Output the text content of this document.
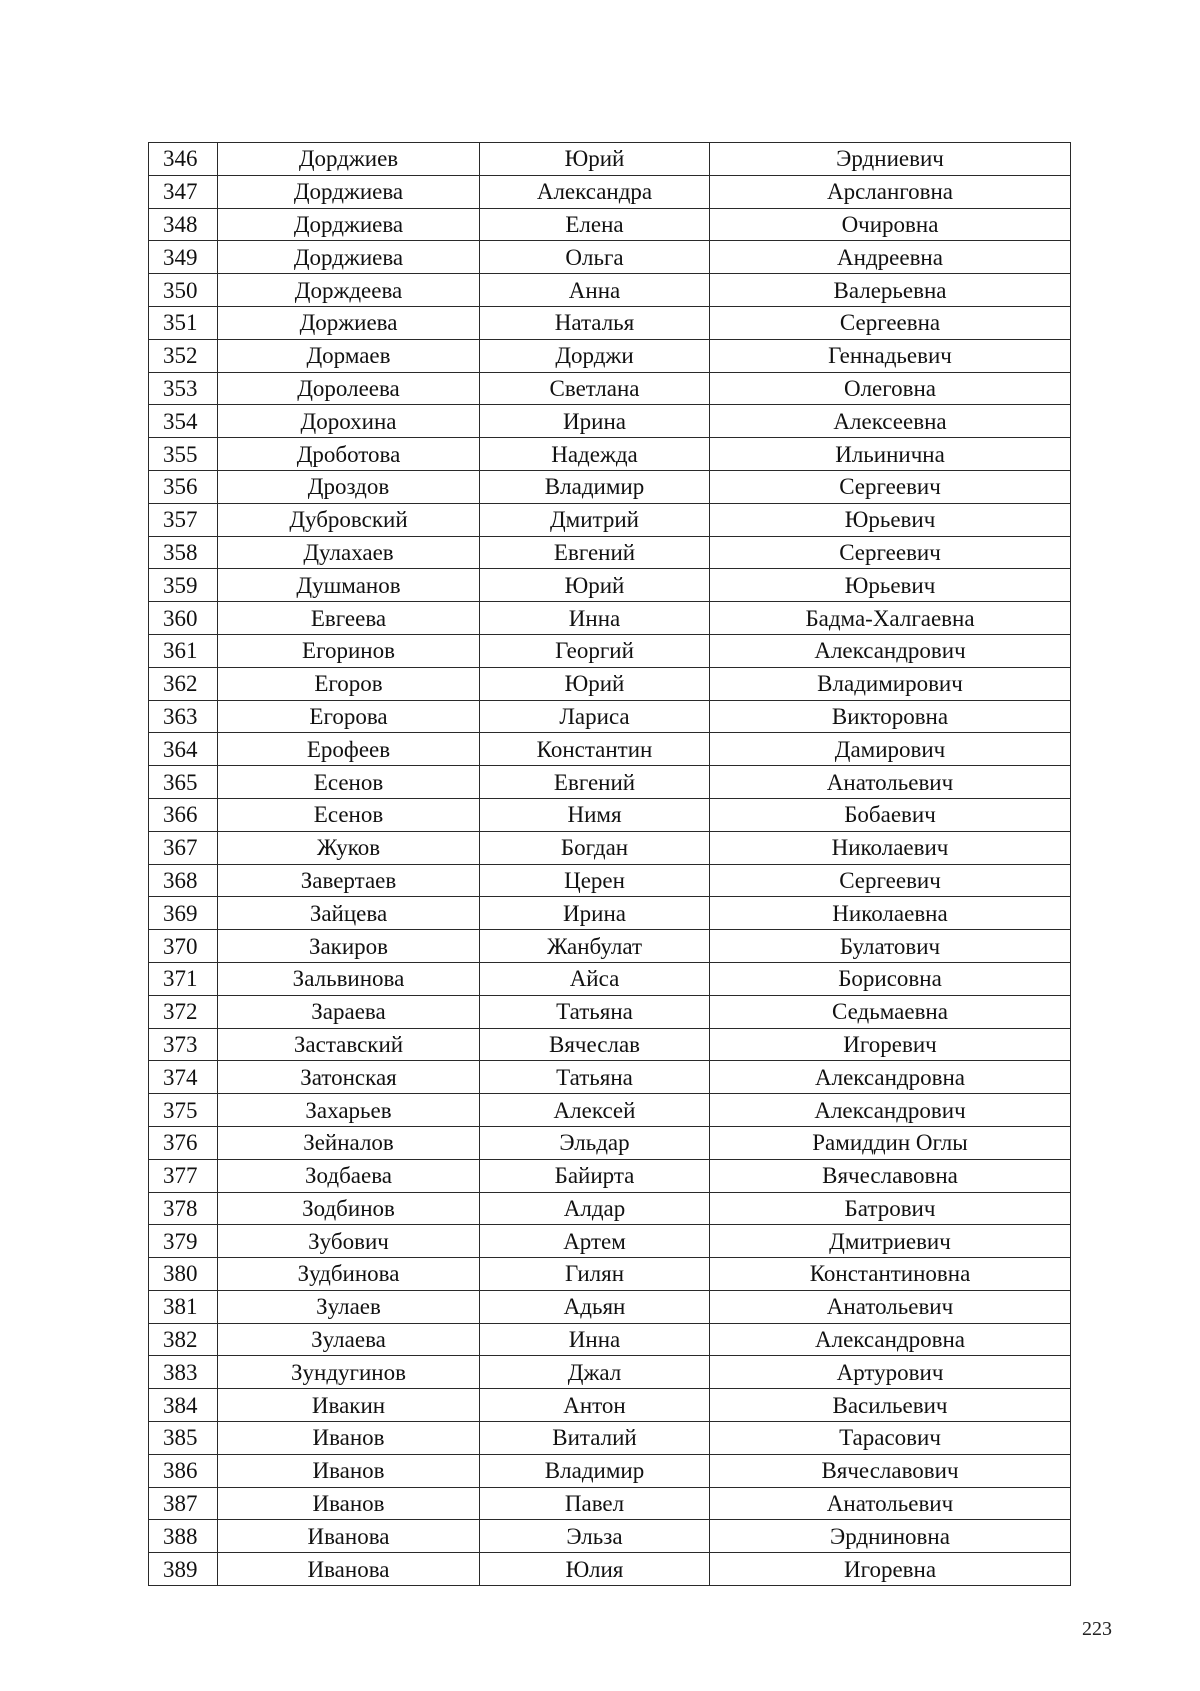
346	Дорджиев	Юрий	Эрдниевич
347	Дорджиева	Александра	Арсланговна
348	Дорджиева	Елена	Очировна
349	Дорджиева	Ольга	Андреевна
350	Дорждеева	Анна	Валерьевна
351	Доржиева	Наталья	Сергеевна
352	Дормаев	Дорджи	Геннадьевич
353	Доролеева	Светлана	Олеговна
354	Дорохина	Ирина	Алексеевна
355	Дроботова	Надежда	Ильинична
356	Дроздов	Владимир	Сергеевич
357	Дубровский	Дмитрий	Юрьевич
358	Дулахаев	Евгений	Сергеевич
359	Душманов	Юрий	Юрьевич
360	Евгеева	Инна	Бадма-Халгаевна
361	Егоринов	Георгий	Александрович
362	Егоров	Юрий	Владимирович
363	Егорова	Лариса	Викторовна
364	Ерофеев	Константин	Дамирович
365	Есенов	Евгений	Анатольевич
366	Есенов	Нимя	Бобаевич
367	Жуков	Богдан	Николаевич
368	Завертаев	Церен	Сергеевич
369	Зайцева	Ирина	Николаевна
370	Закиров	Жанбулат	Булатович
371	Зальвинова	Айса	Борисовна
372	Зараева	Татьяна	Седьмаевна
373	Заставский	Вячеслав	Игоревич
374	Затонская	Татьяна	Александровна
375	Захарьев	Алексей	Александрович
376	Зейналов	Эльдар	Рамиддин Оглы
377	Зодбаева	Байирта	Вячеславовна
378	Зодбинов	Алдар	Батрович
379	Зубович	Артем	Дмитриевич
380	Зудбинова	Гилян	Константиновна
381	Зулаев	Адьян	Анатольевич
382	Зулаева	Инна	Александровна
383	Зундугинов	Джал	Артурович
384	Ивакин	Антон	Васильевич
385	Иванов	Виталий	Тарасович
386	Иванов	Владимир	Вячеславович
387	Иванов	Павел	Анатольевич
388	Иванова	Эльза	Эрдниновна
389	Иванова	Юлия	Игоревна
223
